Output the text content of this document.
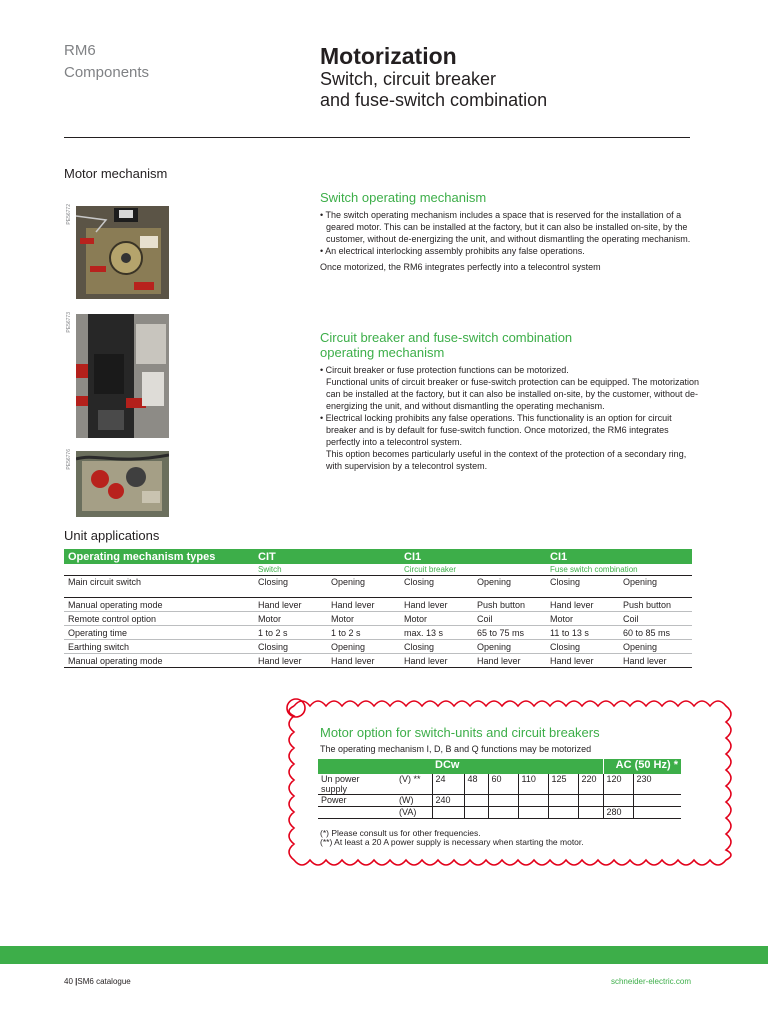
RM6
Components
Motorization
Switch, circuit breaker
and fuse-switch combination
Motor mechanism
PE56772
PE56773
PE56776
Switch operating mechanism

• The switch operating mechanism includes a space that is reserved for the installation of a geared motor. This can be installed at the factory, but it can also be installed on-site, by the customer, without de-energizing the unit, and without dismantling the operating mechanism.

• An electrical interlocking assembly prohibits any false operations.

Once motorized, the RM6 integrates perfectly into a telecontrol system

Circuit breaker and fuse-switch combination
operating mechanism

• Circuit breaker or fuse protection functions can be motorized.

Functional units of circuit breaker or fuse-switch protection can be equipped. The motorization can be installed at the factory, but it can also be installed on-site, by the customer, without de-energizing the unit, and without dismantling the operating mechanism.

• Electrical locking prohibits any false operations. This functionality is an option for circuit breaker and is by default for fuse-switch function. Once motorized, the RM6 integrates perfectly into a telecontrol system.

This option becomes particularly useful in the context of the protection of a secondary ring, with supervision by a telecontrol system.

Unit applications
Operating mechanism types	CIT		CI1		CI1	
	Switch		Circuit breaker		Fuse switch combination	
Main circuit switch	Closing	Opening	Closing	Opening	Closing	Opening
Manual operating mode	Hand lever	Hand lever	Hand lever	Push button	Hand lever	Push button
Remote control option	Motor	Motor	Motor	Coil	Motor	Coil
Operating time	1 to 2 s	1 to 2 s	max. 13 s	65 to 75 ms	11 to 13 s	60 to 85 ms
Earthing switch	Closing	Opening	Closing	Opening	Closing	Opening
Manual operating mode	Hand lever	Hand lever	Hand lever	Hand lever	Hand lever	Hand lever
Motor option for switch-units and circuit breakers
The operating mechanism I, D, B and Q functions may be motorized
		DCw						AC (50 Hz) *	

Un power
supply	(V) **	24	48	60	110	125	220	120	230
Power	(W)	240							
	(VA)							280	
(*) Please consult us for other frequencies.
(**) At least a 20 A power supply is necessary when starting the motor.
40 |SM6 catalogue	schneider-electric.com
